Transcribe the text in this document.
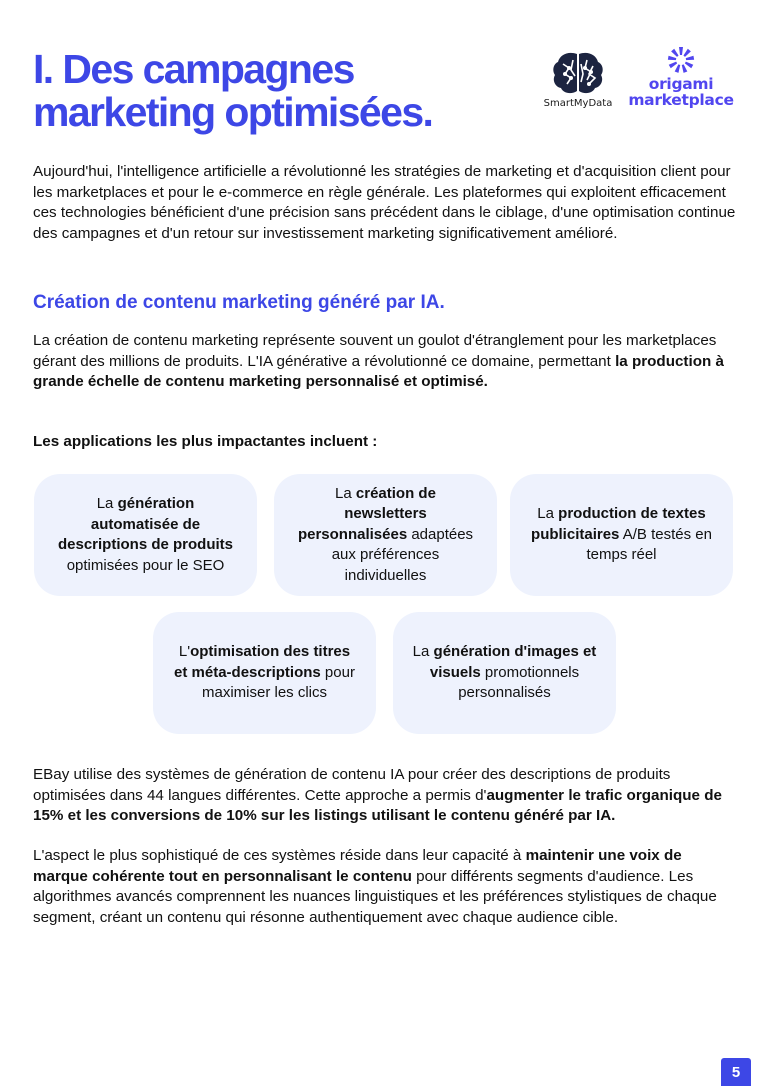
I. Des campagnes
marketing optimisées.	SmartMyData
origami
marketplace

Aujourd'hui, l'intelligence artificielle a révolutionné les stratégies de marketing et d'acquisition client pour les marketplaces et pour le e-commerce en règle générale. Les plateformes qui exploitent efficacement ces technologies bénéficient d'une précision sans précédent dans le ciblage, d'une optimisation continue des campagnes et d'un retour sur investissement marketing significativement amélioré.

Création de contenu marketing généré par IA.

La création de contenu marketing représente souvent un goulot d'étranglement pour les marketplaces gérant des millions de produits. L'IA générative a révolutionné ce domaine, permettant la production à grande échelle de contenu marketing personnalisé et optimisé.

Les applications les plus impactantes incluent :
La génération automatisée de descriptions de produits optimisées pour le SEO
La création de newsletters personnalisées adaptées aux préférences individuelles
La production de textes publicitaires A/B testés en temps réel
L'optimisation des titres et méta-descriptions pour maximiser les clics
La génération d'images et visuels promotionnels personnalisés

EBay utilise des systèmes de génération de contenu IA pour créer des descriptions de produits optimisées dans 44 langues différentes. Cette approche a permis d'augmenter le trafic organique de 15% et les conversions de 10% sur les listings utilisant le contenu généré par IA.

L'aspect le plus sophistiqué de ces systèmes réside dans leur capacité à maintenir une voix de marque cohérente tout en personnalisant le contenu pour différents segments d'audience. Les algorithmes avancés comprennent les nuances linguistiques et les préférences stylistiques de chaque segment, créant un contenu qui résonne authentiquement avec chaque audience cible.

5
